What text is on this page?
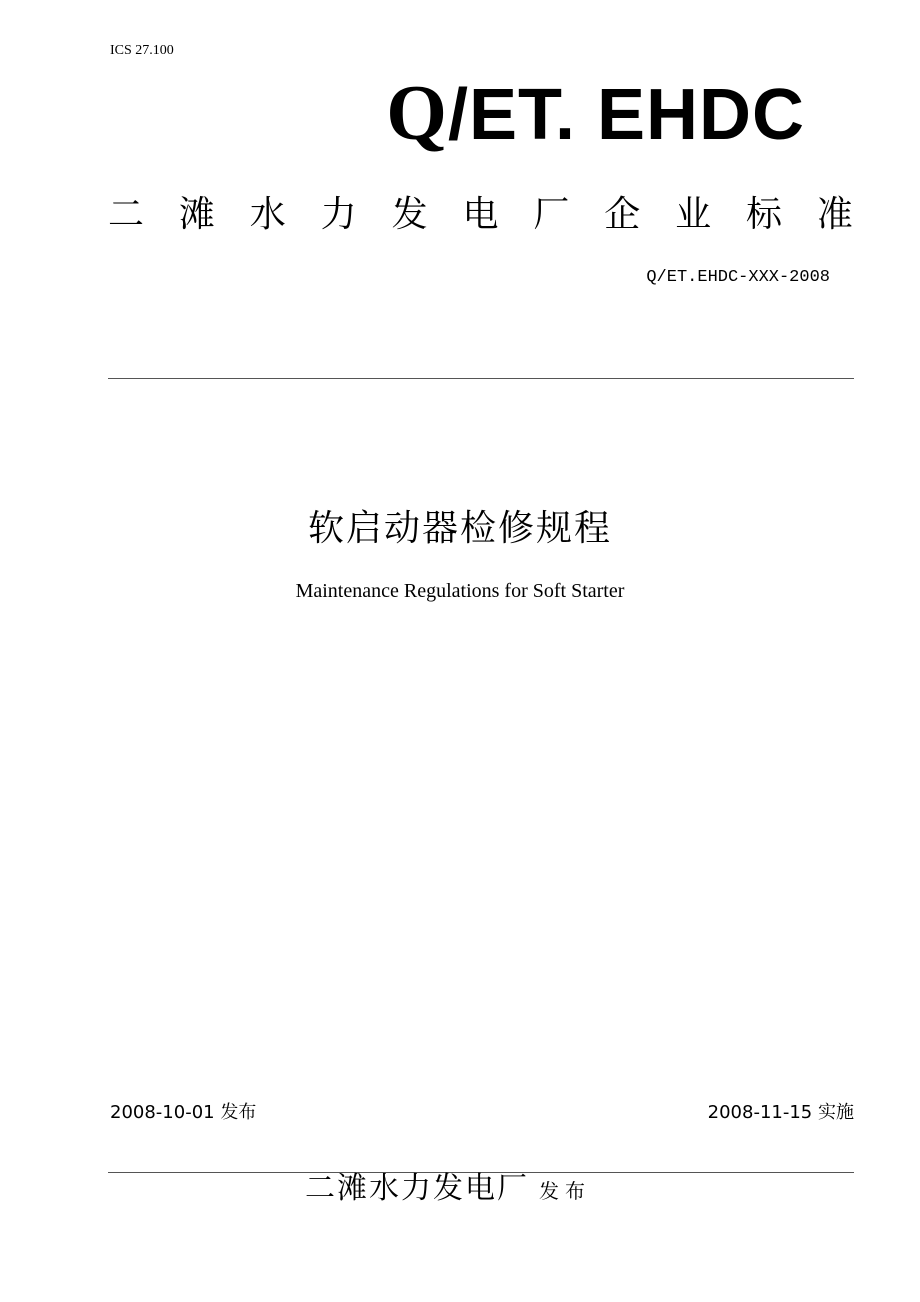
ICS 27.100
Q/ET. EHDC
二 滩 水 力 发 电 厂 企 业 标 准
Q/ET.EHDC-XXX-2008
软启动器检修规程
Maintenance Regulations for Soft Starter
2008-10-01 发布	2008-11-15 实施
二滩水力发电厂 发布
